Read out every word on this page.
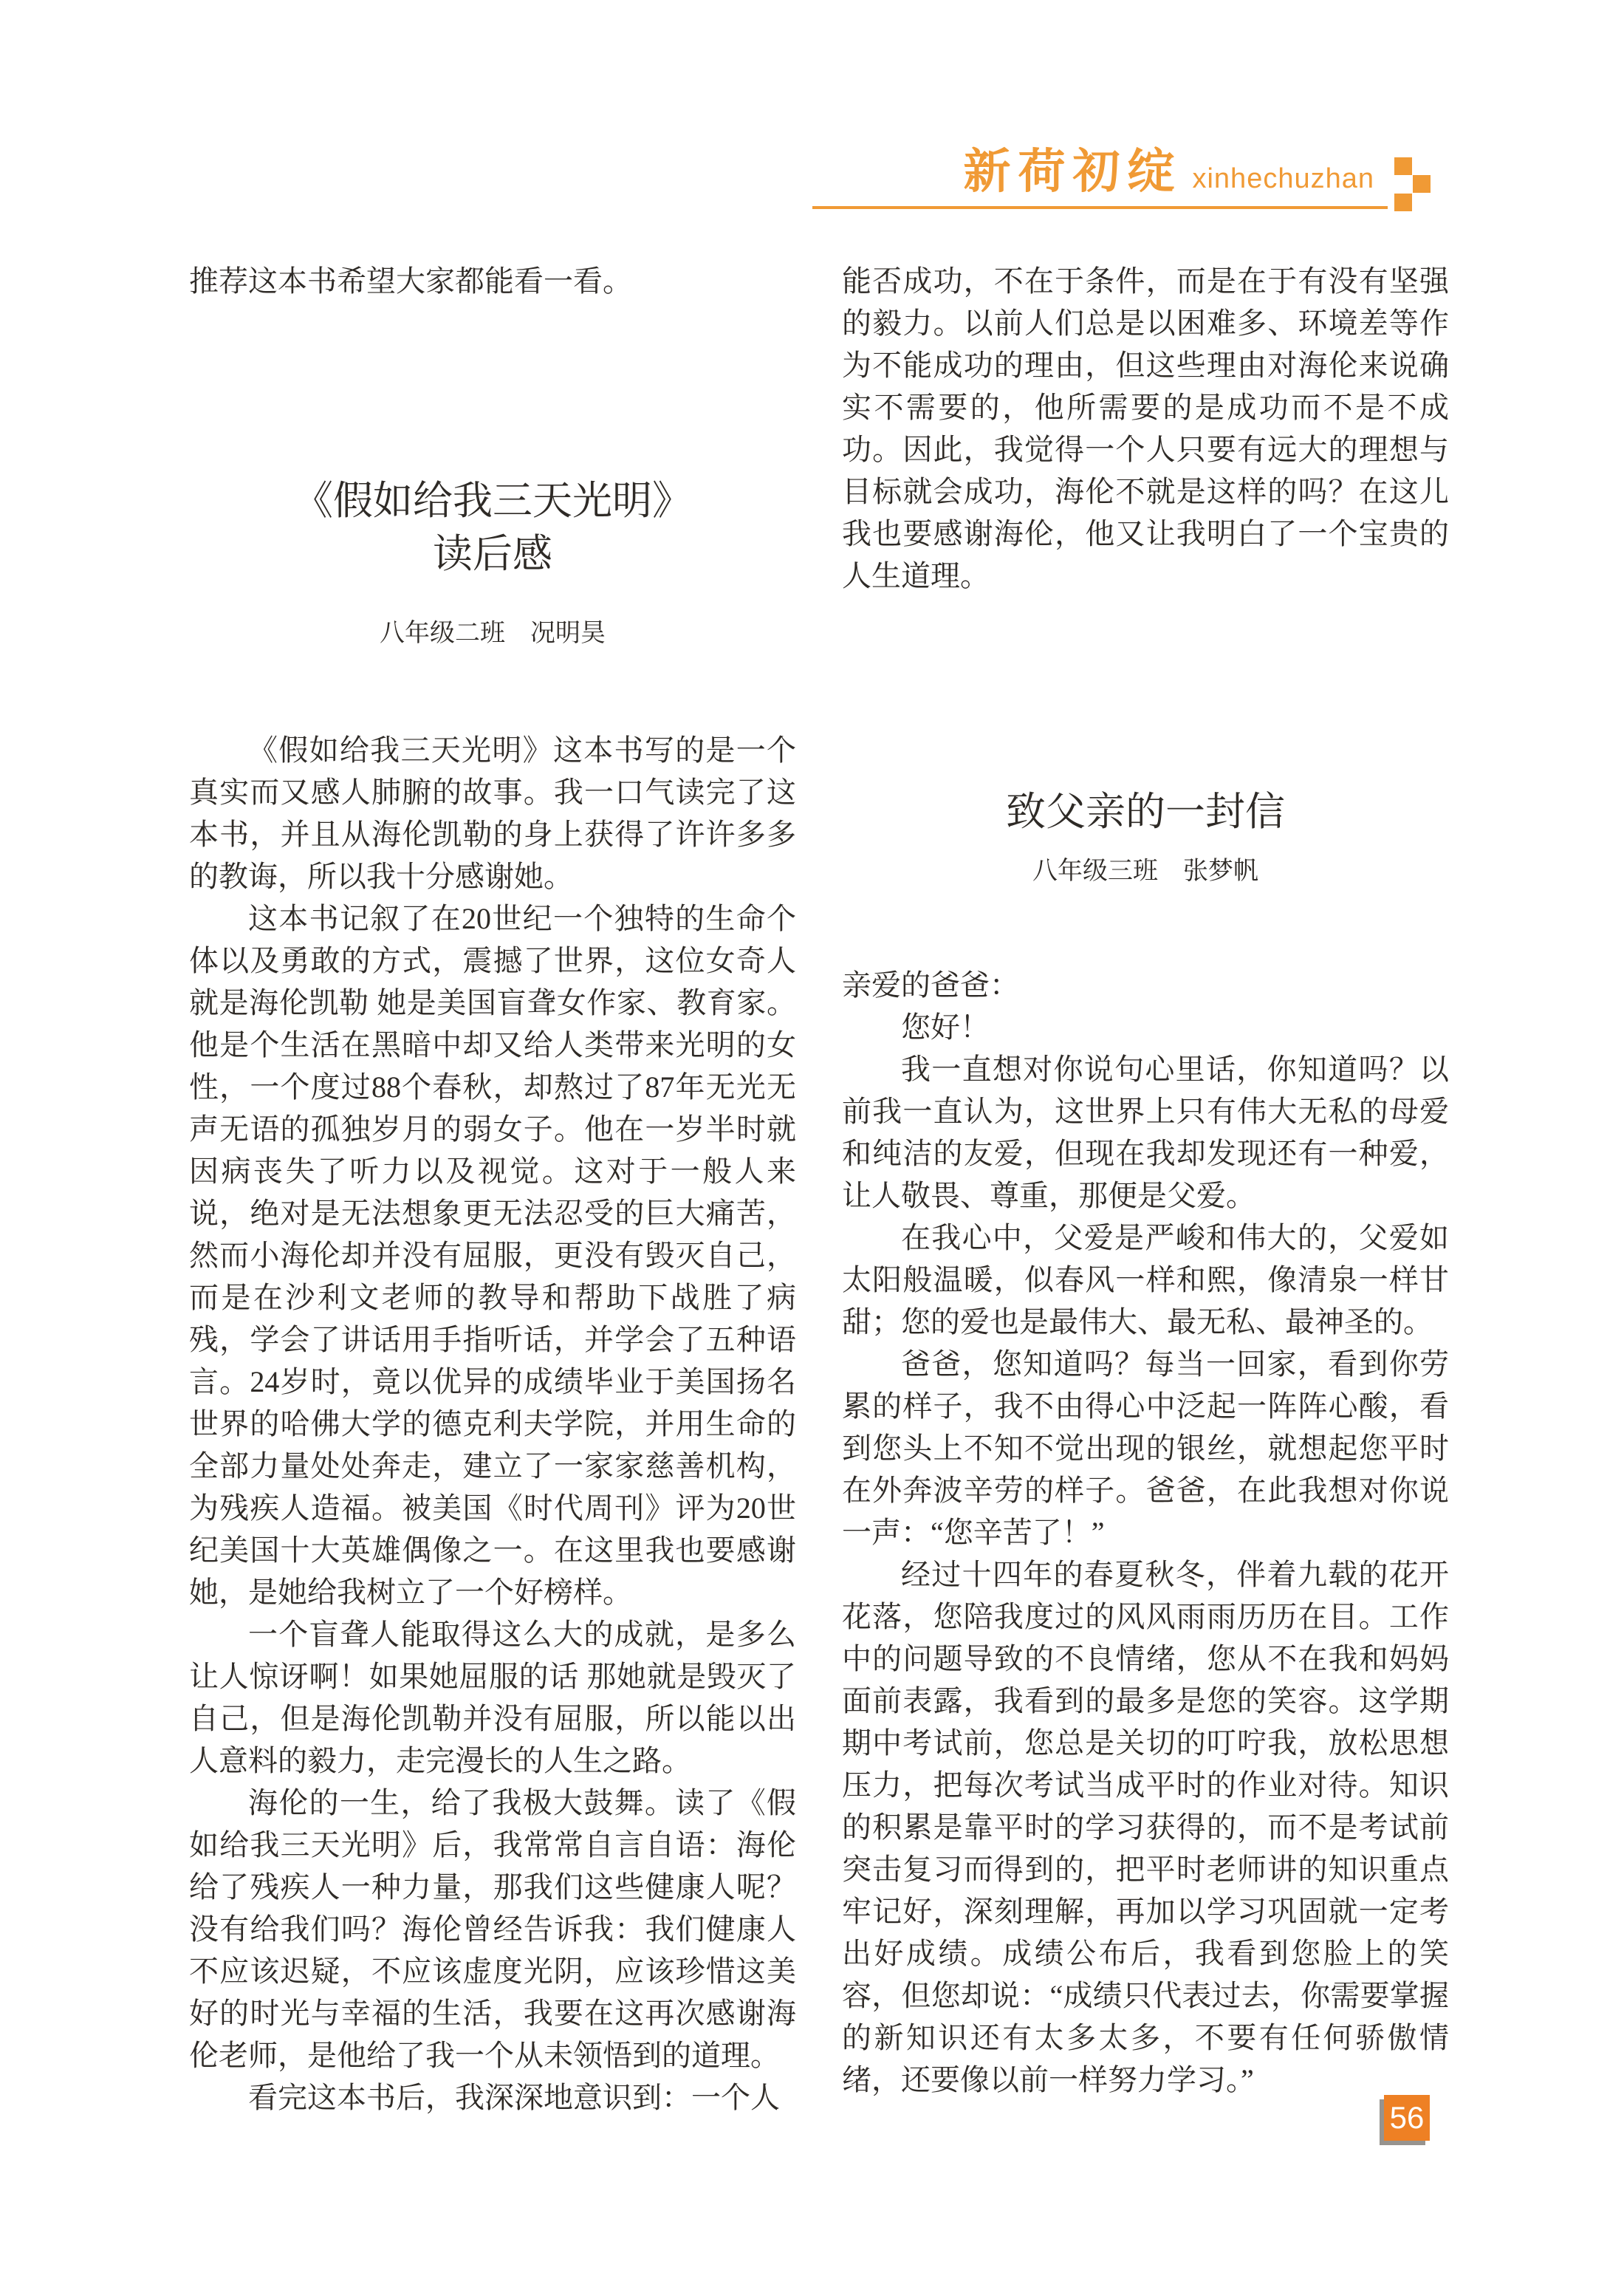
新荷初绽 xinhechuzhan

推荐这本书希望大家都能看一看。

《假如给我三天光明》
读后感

八年级二班　况明昊

《假如给我三天光明》这本书写的是一个真实而又感人肺腑的故事。我一口气读完了这本书，并且从海伦凯勒的身上获得了许许多多的教诲，所以我十分感谢她。

这本书记叙了在20世纪一个独特的生命个体以及勇敢的方式，震撼了世界，这位女奇人就是海伦凯勒 她是美国盲聋女作家、教育家。他是个生活在黑暗中却又给人类带来光明的女性，一个度过88个春秋，却熬过了87年无光无声无语的孤独岁月的弱女子。他在一岁半时就因病丧失了听力以及视觉。这对于一般人来说，绝对是无法想象更无法忍受的巨大痛苦，然而小海伦却并没有屈服，更没有毁灭自己，而是在沙利文老师的教导和帮助下战胜了病残，学会了讲话用手指听话，并学会了五种语言。24岁时，竟以优异的成绩毕业于美国扬名世界的哈佛大学的德克利夫学院，并用生命的全部力量处处奔走，建立了一家家慈善机构，为残疾人造福。被美国《时代周刊》评为20世纪美国十大英雄偶像之一。在这里我也要感谢她，是她给我树立了一个好榜样。

一个盲聋人能取得这么大的成就，是多么让人惊讶啊！如果她屈服的话 那她就是毁灭了自己，但是海伦凯勒并没有屈服，所以能以出人意料的毅力，走完漫长的人生之路。

海伦的一生，给了我极大鼓舞。读了《假如给我三天光明》后，我常常自言自语：海伦给了残疾人一种力量，那我们这些健康人呢？没有给我们吗？海伦曾经告诉我：我们健康人不应该迟疑，不应该虚度光阴，应该珍惜这美好的时光与幸福的生活，我要在这再次感谢海伦老师，是他给了我一个从未领悟到的道理。

看完这本书后，我深深地意识到：一个人

能否成功，不在于条件，而是在于有没有坚强的毅力。以前人们总是以困难多、环境差等作为不能成功的理由，但这些理由对海伦来说确实不需要的，他所需要的是成功而不是不成功。因此，我觉得一个人只要有远大的理想与目标就会成功，海伦不就是这样的吗？在这儿我也要感谢海伦，他又让我明白了一个宝贵的人生道理。

致父亲的一封信

八年级三班　张梦帆

亲爱的爸爸：

您好！

我一直想对你说句心里话，你知道吗？以前我一直认为，这世界上只有伟大无私的母爱和纯洁的友爱，但现在我却发现还有一种爱，让人敬畏、尊重，那便是父爱。

在我心中，父爱是严峻和伟大的，父爱如太阳般温暖，似春风一样和熙，像清泉一样甘甜；您的爱也是最伟大、最无私、最神圣的。

爸爸，您知道吗？每当一回家，看到你劳累的样子，我不由得心中泛起一阵阵心酸，看到您头上不知不觉出现的银丝，就想起您平时在外奔波辛劳的样子。爸爸，在此我想对你说一声：“您辛苦了！”

经过十四年的春夏秋冬，伴着九载的花开花落，您陪我度过的风风雨雨历历在目。工作中的问题导致的不良情绪，您从不在我和妈妈面前表露，我看到的最多是您的笑容。这学期期中考试前，您总是关切的叮咛我，放松思想压力，把每次考试当成平时的作业对待。知识的积累是靠平时的学习获得的，而不是考试前突击复习而得到的，把平时老师讲的知识重点牢记好，深刻理解，再加以学习巩固就一定考出好成绩。成绩公布后，我看到您脸上的笑容，但您却说：“成绩只代表过去，你需要掌握的新知识还有太多太多，不要有任何骄傲情绪，还要像以前一样努力学习。”

56
